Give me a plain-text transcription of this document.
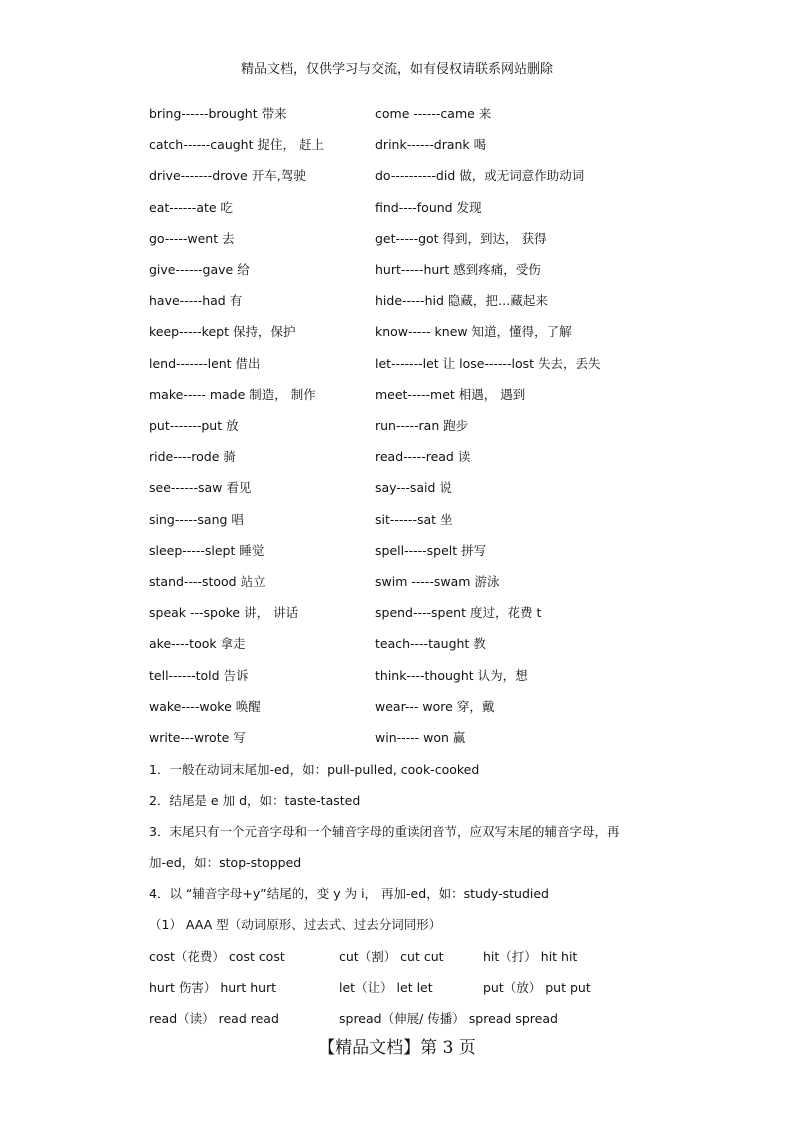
精品文档，仅供学习与交流，如有侵权请联系网站删除
bring------brought 带来	come ------came 来
catch------caught 捉住， 赶上	drink------drank 喝
drive-------drove 开车,驾驶	do----------did 做，或无词意作助动词
eat------ate 吃	find----found 发现
go-----went 去	get-----got 得到，到达， 获得
give------gave 给	hurt-----hurt 感到疼痛，受伤
have-----had 有	hide-----hid 隐藏，把…藏起来
keep-----kept 保持，保护	know----- knew 知道，懂得，了解
lend-------lent 借出	let-------let 让 lose------lost 失去，丢失
make----- made 制造， 制作	meet-----met 相遇， 遇到
put-------put 放	run-----ran 跑步
ride----rode 骑	read-----read 读
see------saw 看见	say---said 说
sing-----sang 唱	sit------sat 坐
sleep-----slept 睡觉	spell-----spelt 拼写
stand----stood 站立	swim -----swam 游泳
speak ---spoke 讲， 讲话	spend----spent 度过，花费 t
ake----took 拿走	teach----taught 教
tell------told 告诉	think----thought 认为，想
wake----woke 唤醒	wear--- wore 穿，戴
write---wrote 写	win----- won 赢
1．一般在动词末尾加-ed，如：pull-pulled, cook-cooked
2．结尾是 e 加 d，如：taste-tasted
3．末尾只有一个元音字母和一个辅音字母的重读闭音节，应双写末尾的辅音字母，再
加-ed，如：stop-stopped
4．以 “辅音字母+y”结尾的，变 y 为 i， 再加-ed，如：study-studied
（1） AAA 型（动词原形、过去式、过去分词同形）
cost（花费） cost cost	cut（割） cut cut	hit（打） hit hit
hurt 伤害） hurt hurt	let（让） let let	put（放） put put
read（读） read read	spread（伸展/ 传播） spread spread
【精品文档】第 3 页
